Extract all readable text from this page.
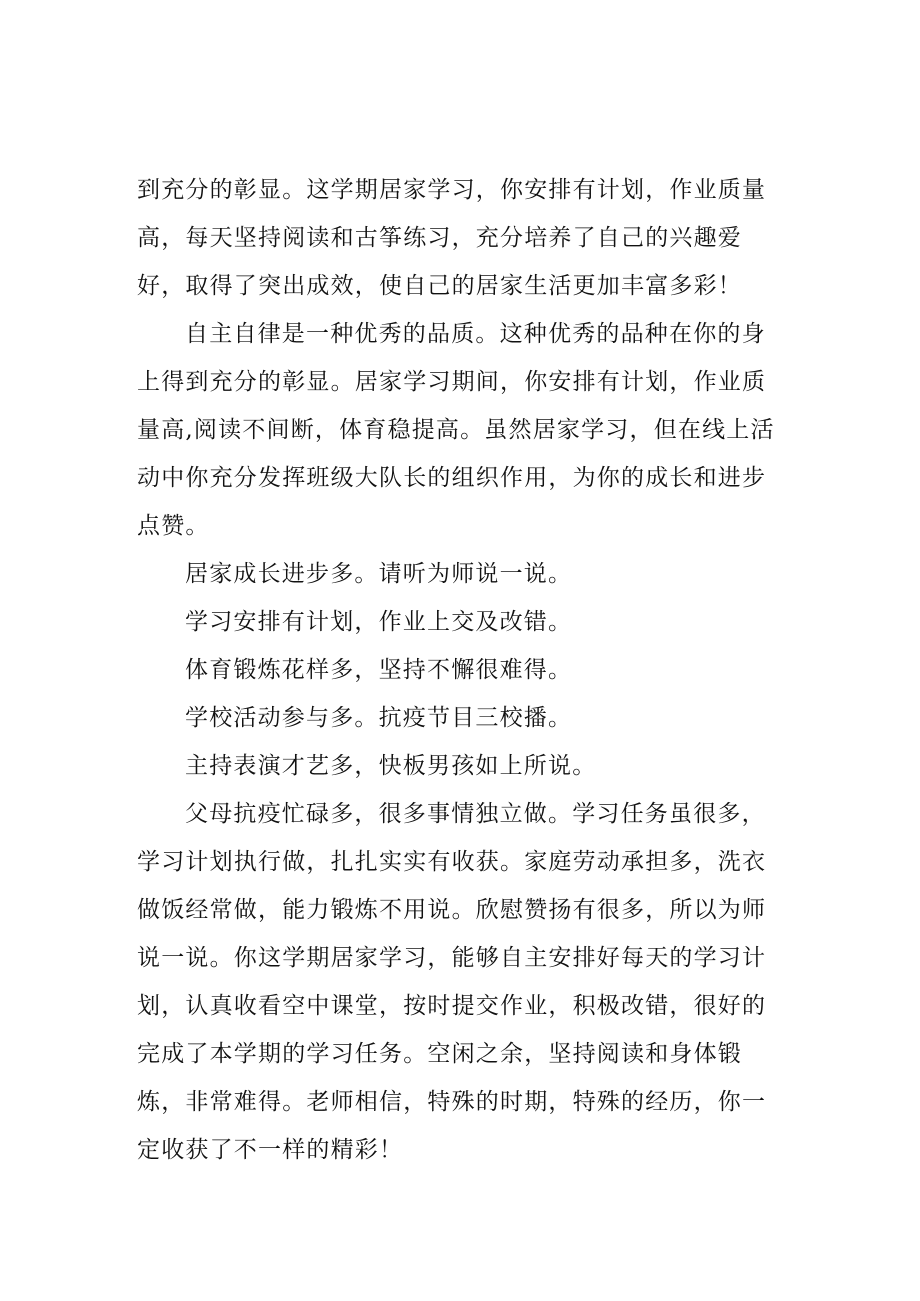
到充分的彰显。这学期居家学习，你安排有计划，作业质量高，每天坚持阅读和古筝练习，充分培养了自己的兴趣爱好，取得了突出成效，使自己的居家生活更加丰富多彩！

自主自律是一种优秀的品质。这种优秀的品种在你的身上得到充分的彰显。居家学习期间，你安排有计划，作业质量高,阅读不间断，体育稳提高。虽然居家学习，但在线上活动中你充分发挥班级大队长的组织作用，为你的成长和进步点赞。

居家成长进步多。请听为师说一说。

学习安排有计划，作业上交及改错。

体育锻炼花样多，坚持不懈很难得。

学校活动参与多。抗疫节目三校播。

主持表演才艺多，快板男孩如上所说。

父母抗疫忙碌多，很多事情独立做。学习任务虽很多，学习计划执行做，扎扎实实有收获。家庭劳动承担多，洗衣做饭经常做，能力锻炼不用说。欣慰赞扬有很多，所以为师说一说。你这学期居家学习，能够自主安排好每天的学习计划，认真收看空中课堂，按时提交作业，积极改错，很好的完成了本学期的学习任务。空闲之余，坚持阅读和身体锻炼，非常难得。老师相信，特殊的时期，特殊的经历，你一定收获了不一样的精彩！
